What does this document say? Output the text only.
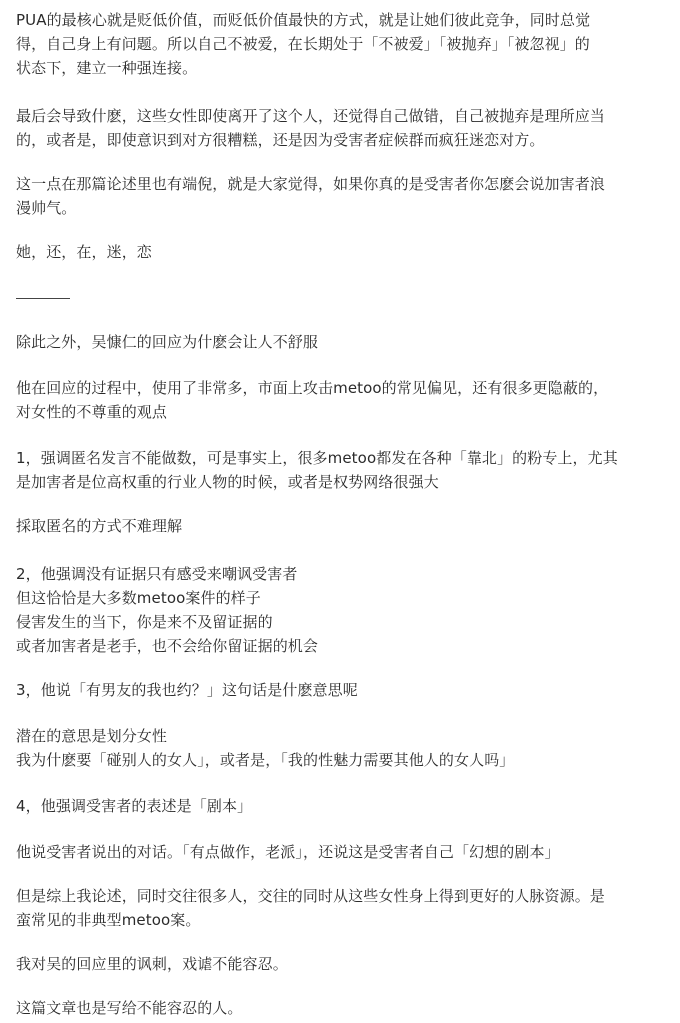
PUA的最核心就是贬低价值，而贬低价值最快的方式，就是让她们彼此竞争，同时总觉
得，自己身上有问题。所以自己不被爱，在长期处于「不被爱」「被抛弃」「被忽视」的
状态下，建立一种强连接。
最后会导致什麽，这些女性即使离开了这个人，还觉得自己做错，自己被抛弃是理所应当
的，或者是，即使意识到对方很糟糕，还是因为受害者症候群而疯狂迷恋对方。
这一点在那篇论述里也有端倪，就是大家觉得，如果你真的是受害者你怎麽会说加害者浪
漫帅气。
她，还，在，迷，恋
除此之外，吴慷仁的回应为什麽会让人不舒服
他在回应的过程中，使用了非常多，市面上攻击metoo的常见偏见，还有很多更隐蔽的，
对女性的不尊重的观点
1，强调匿名发言不能做数，可是事实上，很多metoo都发在各种「靠北」的粉专上，尤其
是加害者是位高权重的行业人物的时候，或者是权势网络很强大
採取匿名的方式不难理解
2，他强调没有证据只有感受来嘲讽受害者
但这恰恰是大多数metoo案件的样子
侵害发生的当下，你是来不及留证据的
或者加害者是老手，也不会给你留证据的机会
3，他说「有男友的我也约？」这句话是什麽意思呢
潜在的意思是划分女性
我为什麽要「碰别人的女人」，或者是，「我的性魅力需要其他人的女人吗」
4，他强调受害者的表述是「剧本」
他说受害者说出的对话。「有点做作，老派」，还说这是受害者自己「幻想的剧本」
但是综上我论述，同时交往很多人，交往的同时从这些女性身上得到更好的人脉资源。是
蛮常见的非典型metoo案。
我对吴的回应里的讽刺，戏谑不能容忍。
这篇文章也是写给不能容忍的人。
